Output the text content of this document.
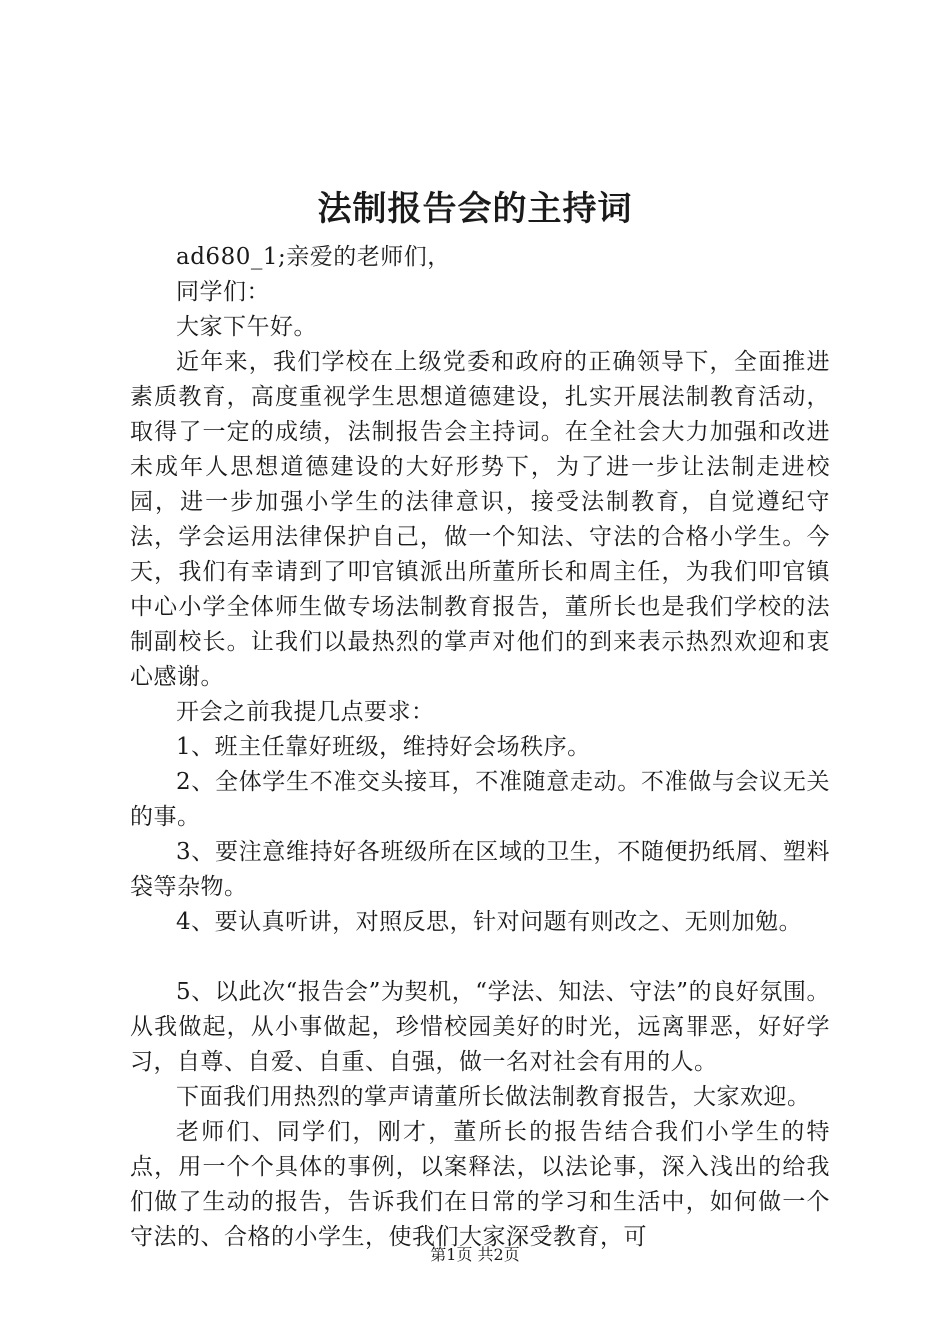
法制报告会的主持词

ad680_1;亲爱的老师们，

同学们：

大家下午好。

近年来，我们学校在上级党委和政府的正确领导下，全面推进素质教育，高度重视学生思想道德建设，扎实开展法制教育活动，取得了一定的成绩，法制报告会主持词。在全社会大力加强和改进未成年人思想道德建设的大好形势下，为了进一步让法制走进校园，进一步加强小学生的法律意识，接受法制教育，自觉遵纪守法，学会运用法律保护自己，做一个知法、守法的合格小学生。今天，我们有幸请到了叩官镇派出所董所长和周主任，为我们叩官镇中心小学全体师生做专场法制教育报告，董所长也是我们学校的法制副校长。让我们以最热烈的掌声对他们的到来表示热烈欢迎和衷心感谢。

开会之前我提几点要求：

1、班主任靠好班级，维持好会场秩序。

2、全体学生不准交头接耳，不准随意走动。不准做与会议无关的事。

3、要注意维持好各班级所在区域的卫生，不随便扔纸屑、塑料袋等杂物。

4、要认真听讲，对照反思，针对问题有则改之、无则加勉。

5、以此次“报告会”为契机，“学法、知法、守法”的良好氛围。从我做起，从小事做起，珍惜校园美好的时光，远离罪恶，好好学习，自尊、自爱、自重、自强，做一名对社会有用的人。

下面我们用热烈的掌声请董所长做法制教育报告，大家欢迎。

老师们、同学们，刚才，董所长的报告结合我们小学生的特点，用一个个具体的事例，以案释法，以法论事，深入浅出的给我们做了生动的报告，告诉我们在日常的学习和生活中，如何做一个守法的、合格的小学生，使我们大家深受教育，可

第1页 共2页
